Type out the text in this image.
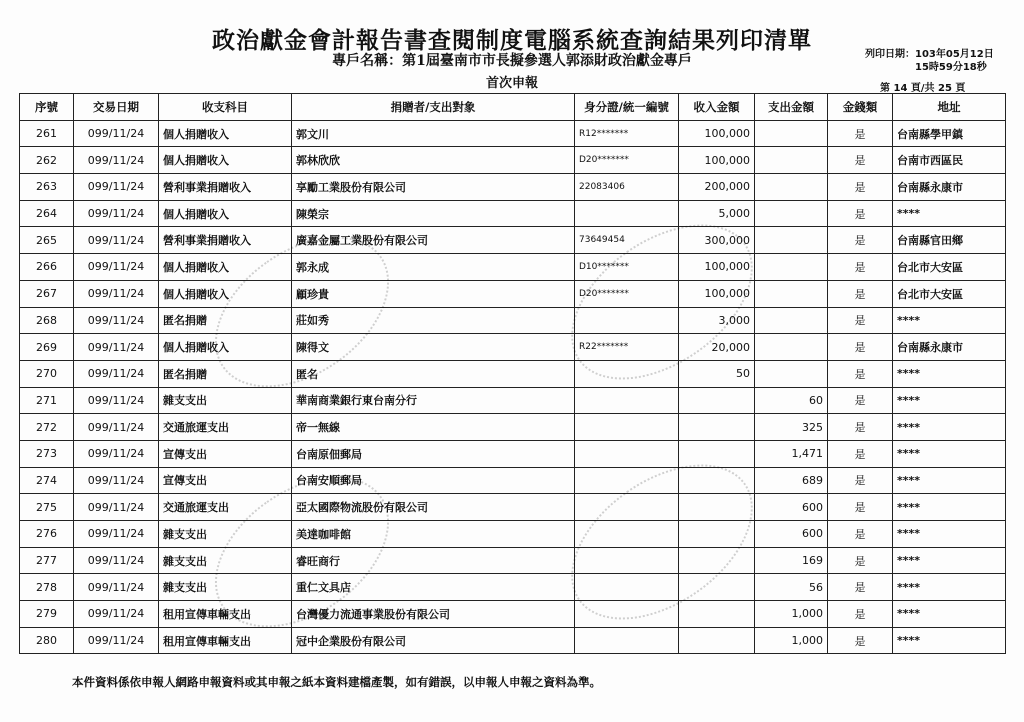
政治獻金會計報告書查閱制度電腦系統查詢結果列印清單
專戶名稱：第1屆臺南市市長擬參選人郭添財政治獻金專戶
首次申報
列印日期：103年05月12日
15時59分18秒
第 14 頁/共 25 頁
序號	交易日期	收支科目	捐贈者/支出對象	身分證/統一編號	收入金額	支出金額	金錢類	地址
261	099/11/24	個人捐贈收入	郭文川	R12*******	100,000		是	台南縣學甲鎮
262	099/11/24	個人捐贈收入	郭林欣欣	D20*******	100,000		是	台南市西區民
263	099/11/24	營利事業捐贈收入	享勵工業股份有限公司	22083406	200,000		是	台南縣永康市
264	099/11/24	個人捐贈收入	陳榮宗		5,000		是	****
265	099/11/24	營利事業捐贈收入	廣嘉金屬工業股份有限公司	73649454	300,000		是	台南縣官田鄉
266	099/11/24	個人捐贈收入	郭永成	D10*******	100,000		是	台北市大安區
267	099/11/24	個人捐贈收入	顧珍貴	D20*******	100,000		是	台北市大安區
268	099/11/24	匿名捐贈	莊如秀		3,000		是	****
269	099/11/24	個人捐贈收入	陳得文	R22*******	20,000		是	台南縣永康市
270	099/11/24	匿名捐贈	匿名		50		是	****
271	099/11/24	雜支支出	華南商業銀行東台南分行			60	是	****
272	099/11/24	交通旅運支出	帝一無線			325	是	****
273	099/11/24	宣傳支出	台南原佃郵局			1,471	是	****
274	099/11/24	宣傳支出	台南安順郵局			689	是	****
275	099/11/24	交通旅運支出	亞太國際物流股份有限公司			600	是	****
276	099/11/24	雜支支出	美達咖啡館			600	是	****
277	099/11/24	雜支支出	睿旺商行			169	是	****
278	099/11/24	雜支支出	重仁文具店			56	是	****
279	099/11/24	租用宣傳車輛支出	台灣優力流通事業股份有限公司			1,000	是	****
280	099/11/24	租用宣傳車輛支出	冠中企業股份有限公司			1,000	是	****
本件資料係依申報人網路申報資料或其申報之紙本資料建檔產製，如有錯誤，以申報人申報之資料為準。
